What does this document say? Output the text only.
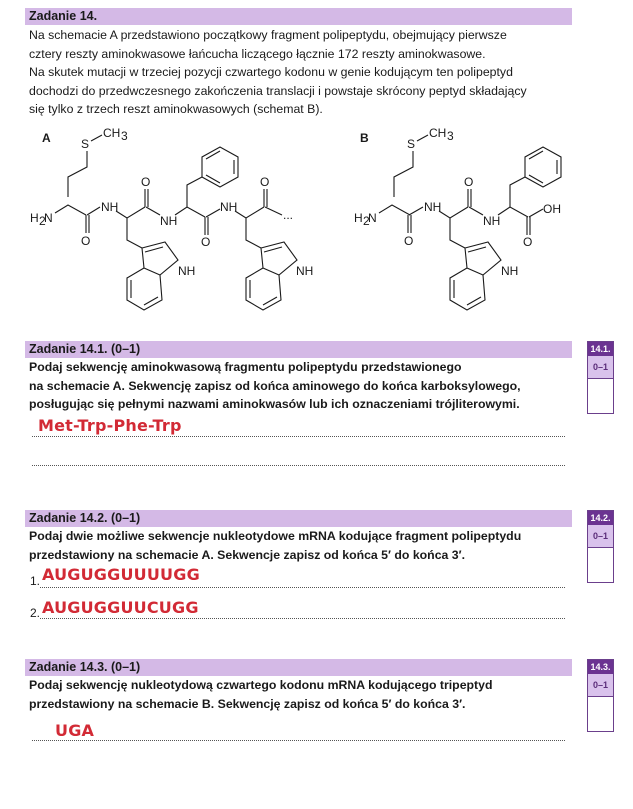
Zadanie 14.
Na schemacie A przedstawiono początkowy fragment polipeptydu, obejmujący pierwsze
cztery reszty aminokwasowe łańcucha liczącego łącznie 172 reszty aminokwasowe.
Na skutek mutacji w trzeciej pozycji czwartego kodonu w genie kodującym ten polipeptyd
dochodzi do przedwczesnego zakończenia translacji i powstaje skrócony peptyd składający
się tylko z trzech reszt aminokwasowych (schemat B).
A	S
CH 3
H 2
N
O
NH
O
NH
O
NH
O
...
NH	NH
B	S
CH 3
H 2
N
O
NH
O
NH
O
OH
NH
Zadanie 14.1. (0–1)
Podaj sekwencję aminokwasową fragmentu polipeptydu przedstawionego
na schemacie A. Sekwencję zapisz od końca aminowego do końca karboksylowego,
posługując się pełnymi nazwami aminokwasów lub ich oznaczeniami trójliterowymi.
Met-Trp-Phe-Trp
14.1.
0–1
Zadanie 14.2. (0–1)
Podaj dwie możliwe sekwencje nukleotydowe mRNA kodujące fragment polipeptydu
przedstawiony na schemacie A. Sekwencje zapisz od końca 5′ do końca 3′.
1. AUGUGGUUUUGG
2. AUGUGGUUCUGG
14.2.
0–1
Zadanie 14.3. (0–1)
Podaj sekwencję nukleotydową czwartego kodonu mRNA kodującego tripeptyd
przedstawiony na schemacie B. Sekwencję zapisz od końca 5′ do końca 3′.
UGA
14.3.
0–1
